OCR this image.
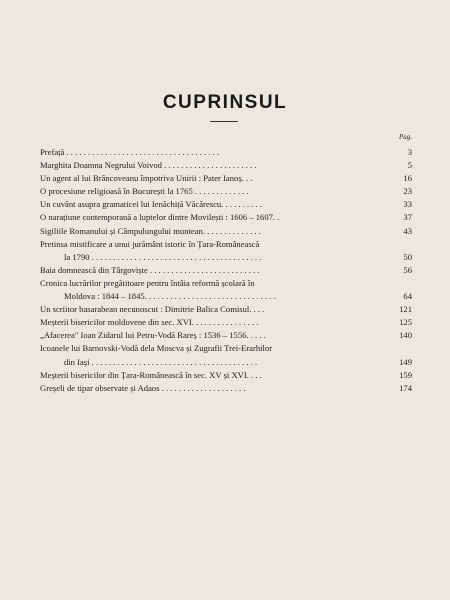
CUPRINSUL
Pag.
Prefață . . . . . . . . . . . . . . . . . . . . . . . . . . . . . . . . . . . .	3
Marghita Doamna Negrului Voivod . . . . . . . . . . . . . . . . . . . . . .	5
Un agent al lui Brâncoveanu împotriva Unirii : Pater Ianoș. . .	16
O procesiune religioasă în București la 1765 . . . . . . . . . . . . .	23
Un cuvânt asupra gramaticei lui Ienăchiță Văcărescu. . . . . . . . . .	33
O narațiune contemporană a luptelor dintre Movilești : 1606 – 1607. .	37
Sigiliile Romanului și Câmpulungului muntean. . . . . . . . . . . . . .	43
Pretinsa mistificare a unui jurământ istoric în Țara-Românească
la 1790 . . . . . . . . . . . . . . . . . . . . . . . . . . . . . . . . . . . . . . . .	50
Baia domnească din Târgoviște . . . . . . . . . . . . . . . . . . . . . . . . . .	56
Cronica lucrărilor pregătitoare pentru întâia reformă școlară în
Moldova : 1844 – 1845. . . . . . . . . . . . . . . . . . . . . . . . . . . . . . .	64
Un scriitor basarabean necunoscut : Dimitrie Balica Comisul. . . .	121
Meșterii bisericilor moldovene din sec. XVI. . . . . . . . . . . . . . . .	125
„Afacerea" Ioan Zidarul lui Petru-Vodă Rareș : 1536 – 1556. . . . .	140
Icoanele lui Barnovski-Vodă dela Moscva și Zugrafii Trei-Erarhilor
din Iași . . . . . . . . . . . . . . . . . . . . . . . . . . . . . . . . . . . . . . .	149
Meșterii bisericilor din Țara-Românească în sec. XV și XVI. . . .	159
Greșeli de tipar observate și Adaos . . . . . . . . . . . . . . . . . . . .	174
